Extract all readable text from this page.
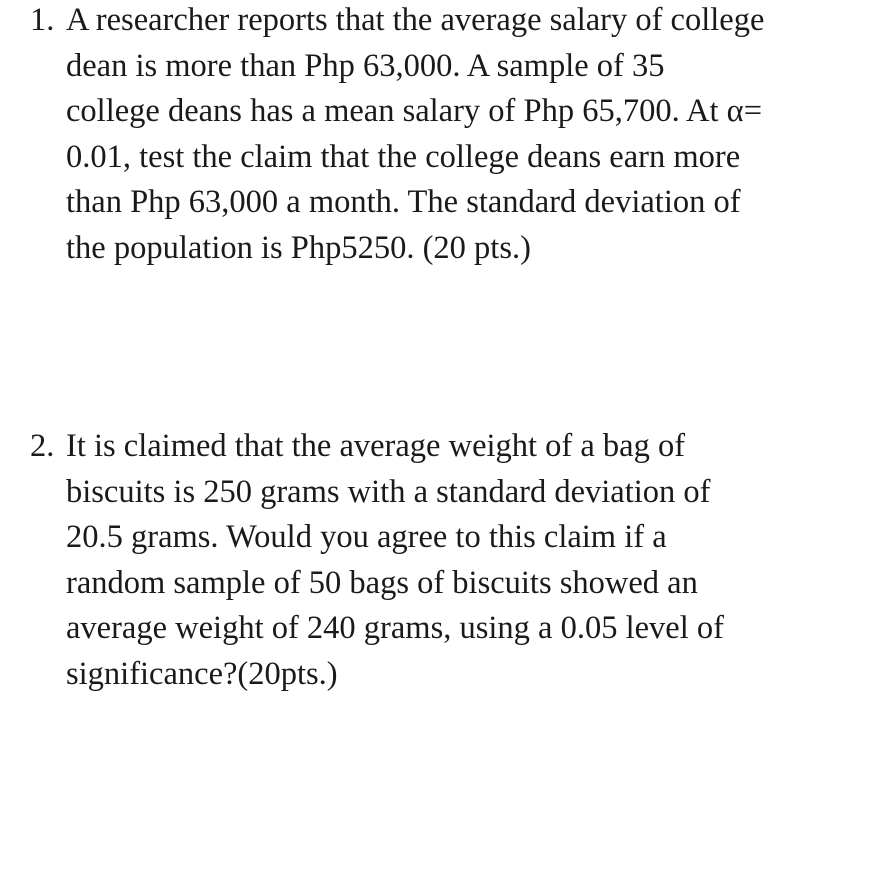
1. A researcher reports that the average salary of college
dean is more than Php 63,000. A sample of 35
college deans has a mean salary of Php 65,700. At α=
0.01, test the claim that the college deans earn more
than Php 63,000 a month. The standard deviation of
the population is Php5250. (20 pts.)
2. It is claimed that the average weight of a bag of
biscuits is 250 grams with a standard deviation of
20.5 grams. Would you agree to this claim if a
random sample of 50 bags of biscuits showed an
average weight of 240 grams, using a 0.05 level of
significance?(20pts.)
